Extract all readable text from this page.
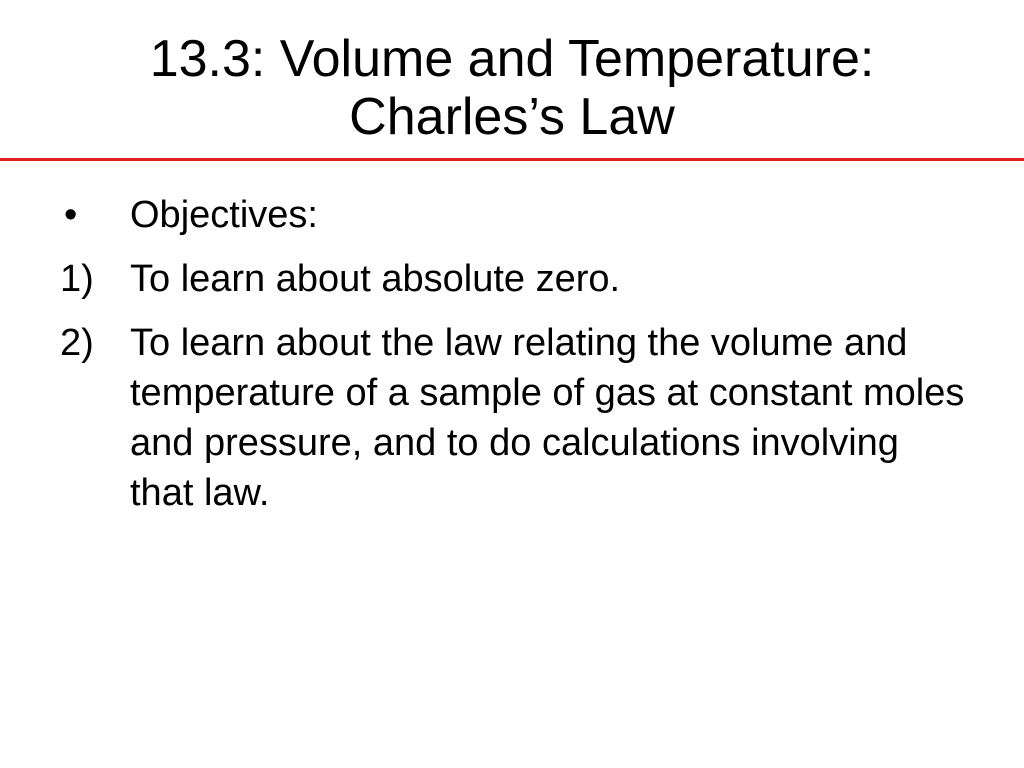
13.3: Volume and Temperature:
Charles’s Law
•	Objectives:
1) To learn about absolute zero.
2) To learn about the law relating the volume and temperature of a sample of gas at constant moles and pressure, and to do calculations involving that law.
